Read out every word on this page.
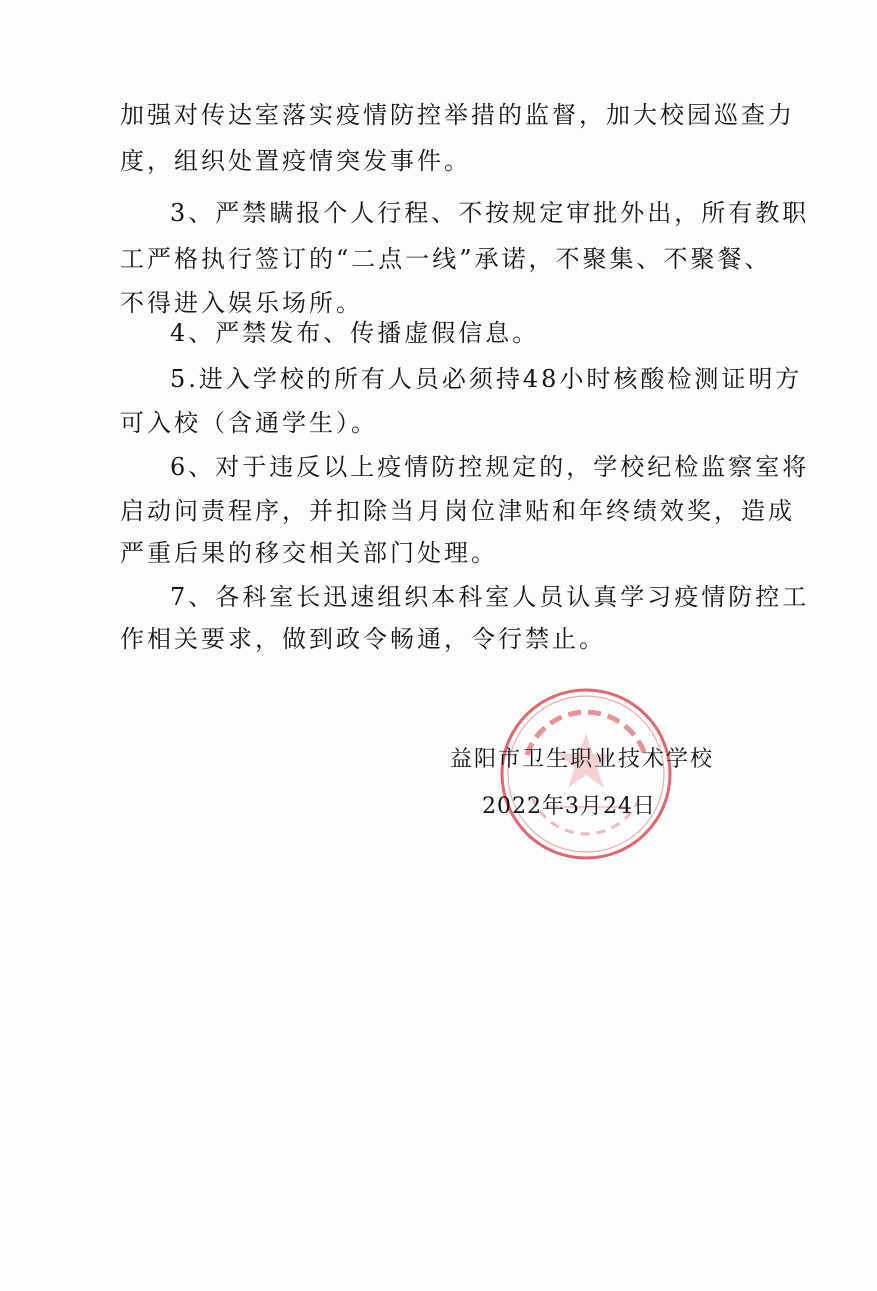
加强对传达室落实疫情防控举措的监督，加大校园巡查力
度，组织处置疫情突发事件。
3、严禁瞒报个人行程、不按规定审批外出，所有教职
工严格执行签订的“二点一线”承诺，不聚集、不聚餐、
不得进入娱乐场所。
4、严禁发布、传播虚假信息。
5.进入学校的所有人员必须持48小时核酸检测证明方
可入校（含通学生）。
6、对于违反以上疫情防控规定的，学校纪检监察室将
启动问责程序，并扣除当月岗位津贴和年终绩效奖，造成
严重后果的移交相关部门处理。
7、各科室长迅速组织本科室人员认真学习疫情防控工
作相关要求，做到政令畅通，令行禁止。
益阳市卫生职业技术学校
2022年3月24日
